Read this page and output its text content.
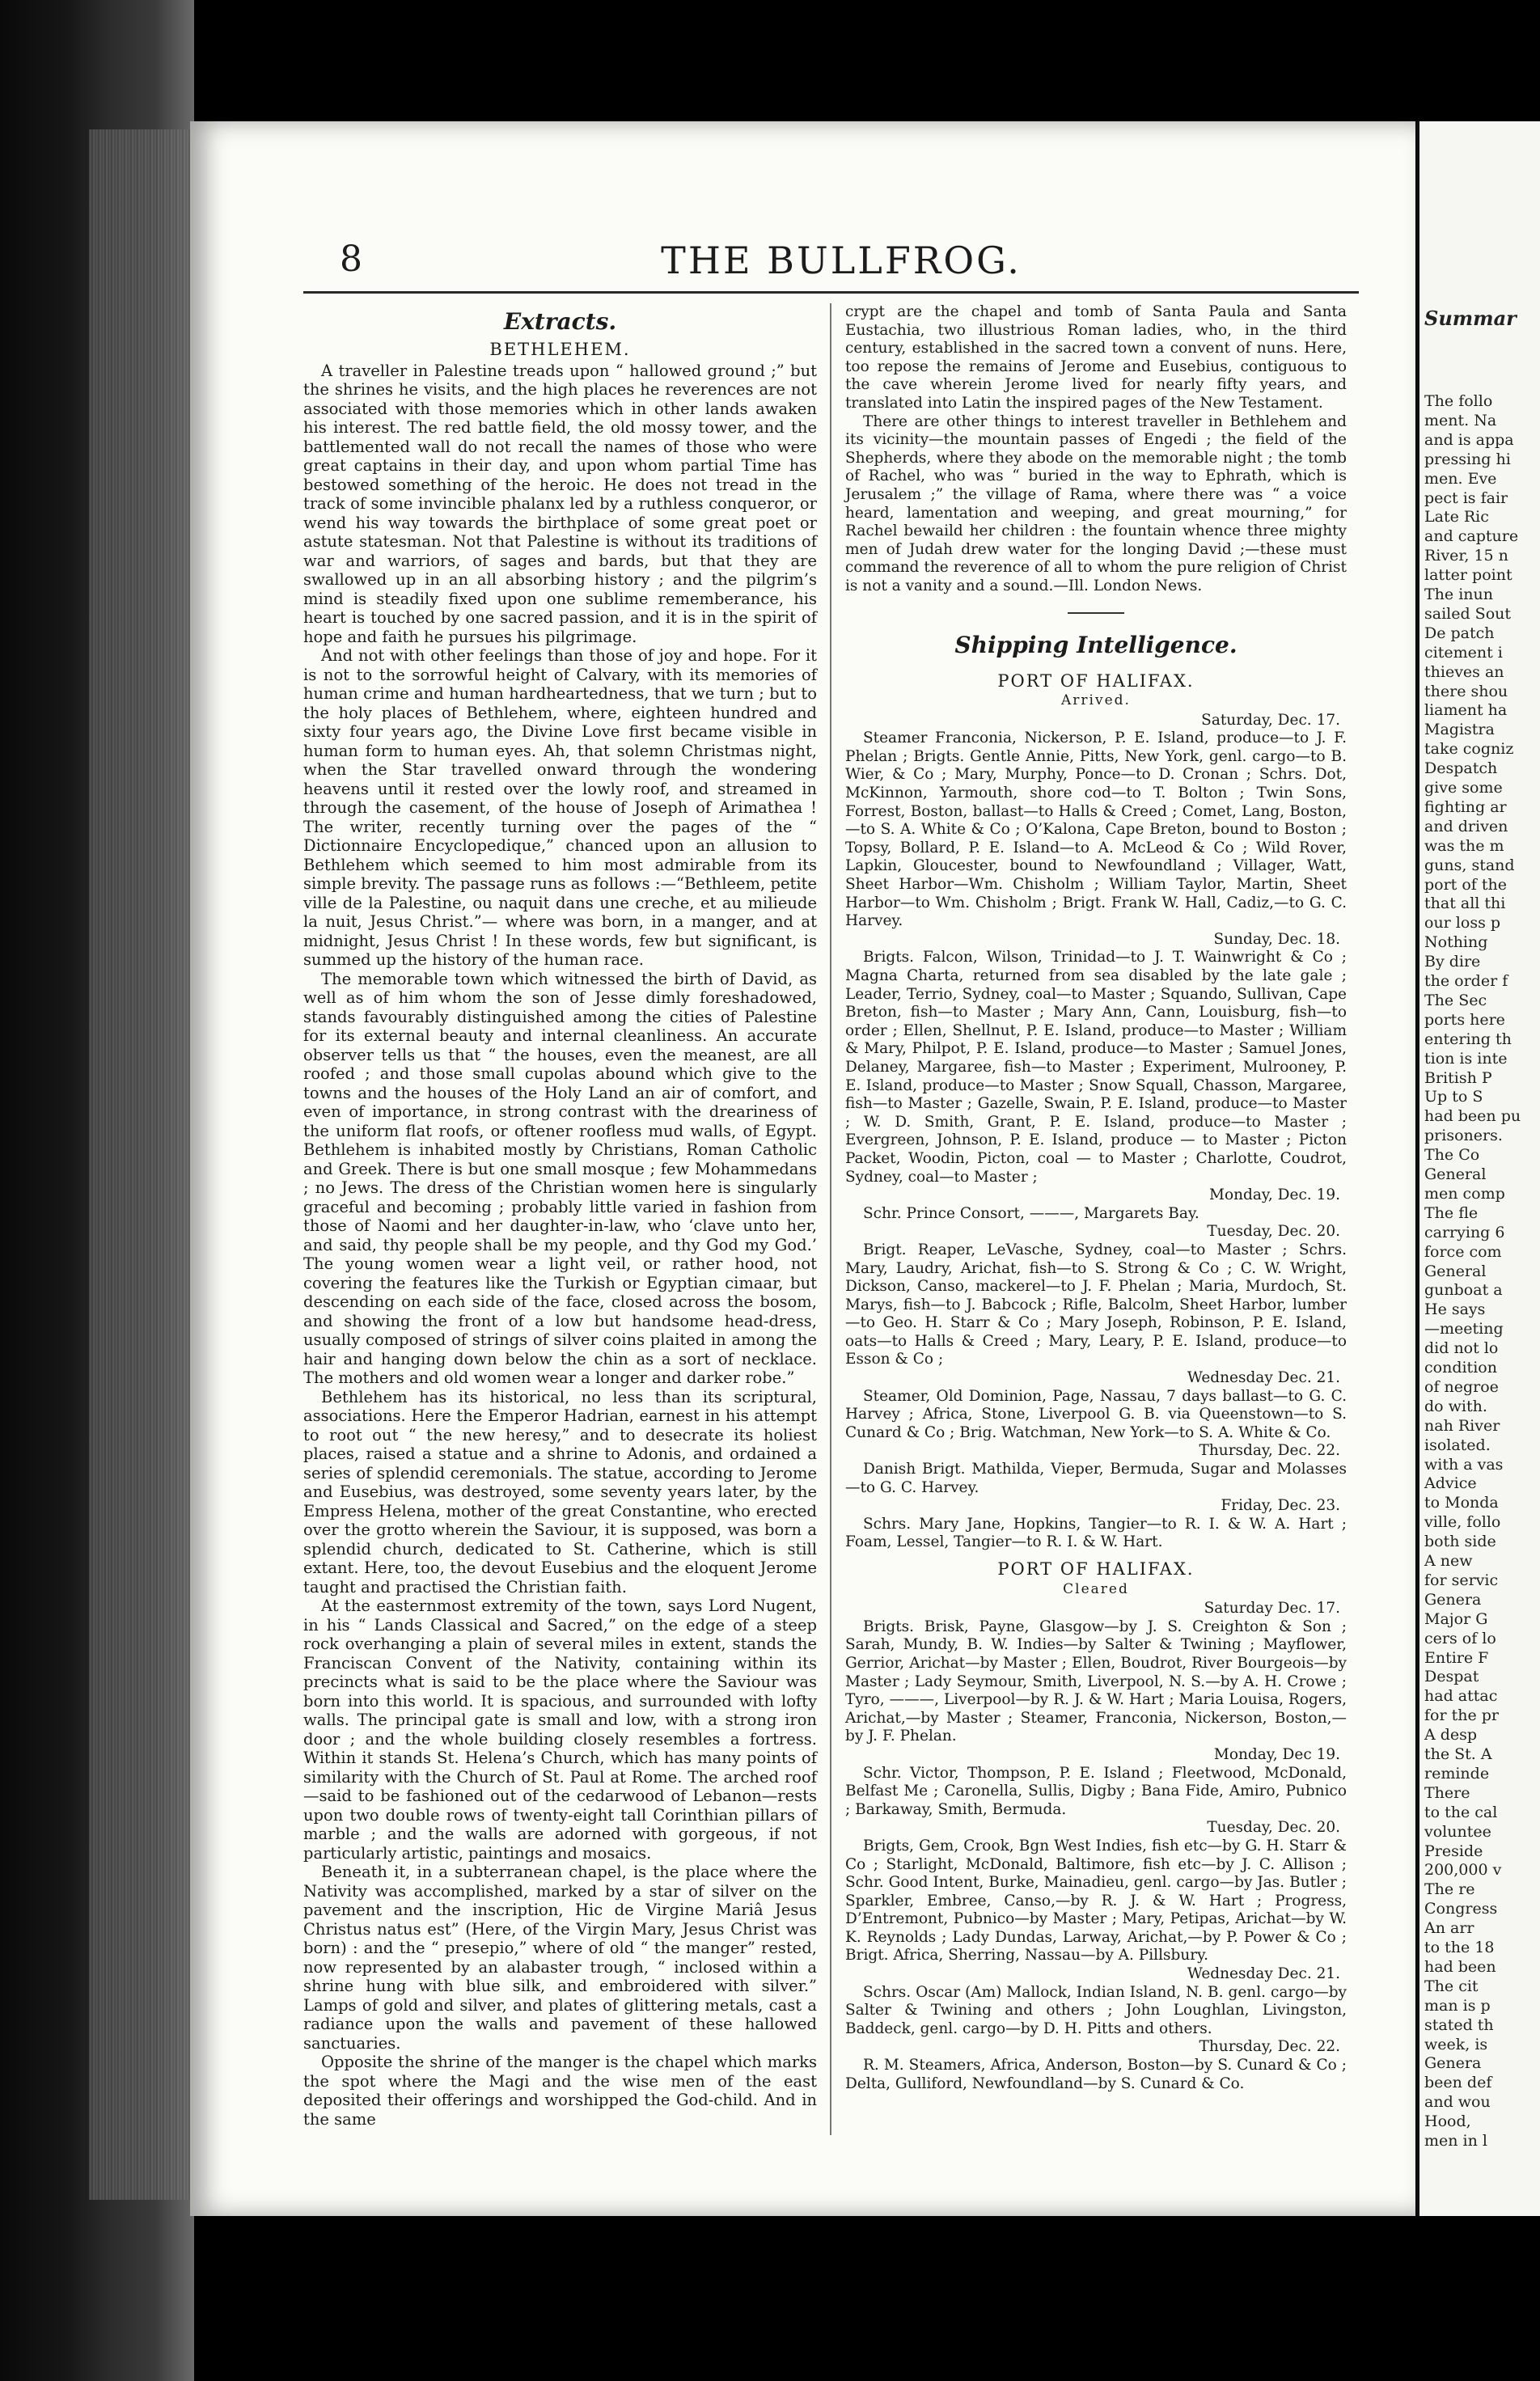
8	THE BULLFROG.
Extracts.
BETHLEHEM.

A traveller in Palestine treads upon “ hallowed ground ;” but the shrines he visits, and the high places he reverences are not associated with those memories which in other lands awaken his interest. The red battle field, the old mossy tower, and the battlemented wall do not recall the names of those who were great captains in their day, and upon whom partial Time has bestowed something of the heroic. He does not tread in the track of some invincible phalanx led by a ruthless conqueror, or wend his way towards the birthplace of some great poet or astute statesman. Not that Palestine is without its traditions of war and warriors, of sages and bards, but that they are swallowed up in an all absorbing history ; and the pilgrim’s mind is steadily fixed upon one sublime rememberance, his heart is touched by one sacred passion, and it is in the spirit of hope and faith he pursues his pilgrimage.

And not with other feelings than those of joy and hope. For it is not to the sorrowful height of Calvary, with its memories of human crime and human hardheartedness, that we turn ; but to the holy places of Bethlehem, where, eighteen hundred and sixty four years ago, the Divine Love first became visible in human form to human eyes. Ah, that solemn Christmas night, when the Star travelled onward through the wondering heavens until it rested over the lowly roof, and streamed in through the casement, of the house of Joseph of Arimathea ! The writer, recently turning over the pages of the “ Dictionnaire Encyclopedique,” chanced upon an allusion to Bethlehem which seemed to him most admirable from its simple brevity. The passage runs as follows :—“Bethleem, petite ville de la Palestine, ou naquit dans une creche, et au milieude la nuit, Jesus Christ.”— where was born, in a manger, and at midnight, Jesus Christ ! In these words, few but significant, is summed up the history of the human race.

The memorable town which witnessed the birth of David, as well as of him whom the son of Jesse dimly foreshadowed, stands favourably distinguished among the cities of Palestine for its external beauty and internal cleanliness. An accurate observer tells us that “ the houses, even the meanest, are all roofed ; and those small cupolas abound which give to the towns and the houses of the Holy Land an air of comfort, and even of importance, in strong contrast with the dreariness of the uniform flat roofs, or oftener roofless mud walls, of Egypt. Bethlehem is inhabited mostly by Christians, Roman Catholic and Greek. There is but one small mosque ; few Mohammedans ; no Jews. The dress of the Christian women here is singularly graceful and becoming ; probably little varied in fashion from those of Naomi and her daughter-in-law, who ‘clave unto her, and said, thy people shall be my people, and thy God my God.’ The young women wear a light veil, or rather hood, not covering the features like the Turkish or Egyptian cimaar, but descending on each side of the face, closed across the bosom, and showing the front of a low but handsome head-dress, usually composed of strings of silver coins plaited in among the hair and hanging down below the chin as a sort of necklace. The mothers and old women wear a longer and darker robe.”

Bethlehem has its historical, no less than its scriptural, associations. Here the Emperor Hadrian, earnest in his attempt to root out “ the new heresy,” and to desecrate its holiest places, raised a statue and a shrine to Adonis, and ordained a series of splendid ceremonials. The statue, according to Jerome and Eusebius, was destroyed, some seventy years later, by the Empress Helena, mother of the great Constantine, who erected over the grotto wherein the Saviour, it is supposed, was born a splendid church, dedicated to St. Catherine, which is still extant. Here, too, the devout Eusebius and the eloquent Jerome taught and practised the Christian faith.

At the easternmost extremity of the town, says Lord Nugent, in his “ Lands Classical and Sacred,” on the edge of a steep rock overhanging a plain of several miles in extent, stands the Franciscan Convent of the Nativity, containing within its precincts what is said to be the place where the Saviour was born into this world. It is spacious, and surrounded with lofty walls. The principal gate is small and low, with a strong iron door ; and the whole building closely resembles a fortress. Within it stands St. Helena’s Church, which has many points of similarity with the Church of St. Paul at Rome. The arched roof—said to be fashioned out of the cedarwood of Lebanon—rests upon two double rows of twenty-eight tall Corinthian pillars of marble ; and the walls are adorned with gorgeous, if not particularly artistic, paintings and mosaics.

Beneath it, in a subterranean chapel, is the place where the Nativity was accomplished, marked by a star of silver on the pavement and the inscription, Hic de Virgine Mariâ Jesus Christus natus est” (Here, of the Virgin Mary, Jesus Christ was born) : and the “ presepio,” where of old “ the manger” rested, now represented by an alabaster trough, “ inclosed within a shrine hung with blue silk, and embroidered with silver.” Lamps of gold and silver, and plates of glittering metals, cast a radiance upon the walls and pavement of these hallowed sanctuaries.

Opposite the shrine of the manger is the chapel which marks the spot where the Magi and the wise men of the east deposited their offerings and worshipped the God-child. And in the same

crypt are the chapel and tomb of Santa Paula and Santa Eustachia, two illustrious Roman ladies, who, in the third century, established in the sacred town a convent of nuns. Here, too repose the remains of Jerome and Eusebius, contiguous to the cave wherein Jerome lived for nearly fifty years, and translated into Latin the inspired pages of the New Testament.

There are other things to interest traveller in Bethlehem and its vicinity—the mountain passes of Engedi ; the field of the Shepherds, where they abode on the memorable night ; the tomb of Rachel, who was “ buried in the way to Ephrath, which is Jerusalem ;” the village of Rama, where there was “ a voice heard, lamentation and weeping, and great mourning,” for Rachel bewaild her children : the fountain whence three mighty men of Judah drew water for the longing David ;—these must command the reverence of all to whom the pure religion of Christ is not a vanity and a sound.—Ill. London News.

Shipping Intelligence.
PORT OF HALIFAX.
Arrived.
Saturday, Dec. 17.

Steamer Franconia, Nickerson, P. E. Island, produce—to J. F. Phelan ; Brigts. Gentle Annie, Pitts, New York, genl. cargo—to B. Wier, & Co ; Mary, Murphy, Ponce—to D. Cronan ; Schrs. Dot, McKinnon, Yarmouth, shore cod—to T. Bolton ; Twin Sons, Forrest, Boston, ballast—to Halls & Creed ; Comet, Lang, Boston,—to S. A. White & Co ; O’Kalona, Cape Breton, bound to Boston ; Topsy, Bollard, P. E. Island—to A. McLeod & Co ; Wild Rover, Lapkin, Gloucester, bound to Newfoundland ; Villager, Watt, Sheet Harbor—Wm. Chisholm ; William Taylor, Martin, Sheet Harbor—to Wm. Chisholm ; Brigt. Frank W. Hall, Cadiz,—to G. C. Harvey.

Sunday, Dec. 18.

Brigts. Falcon, Wilson, Trinidad—to J. T. Wainwright & Co ; Magna Charta, returned from sea disabled by the late gale ; Leader, Terrio, Sydney, coal—to Master ; Squando, Sullivan, Cape Breton, fish—to Master ; Mary Ann, Cann, Louisburg, fish—to order ; Ellen, Shellnut, P. E. Island, produce—to Master ; William & Mary, Philpot, P. E. Island, produce—to Master ; Samuel Jones, Delaney, Margaree, fish—to Master ; Experiment, Mulrooney, P. E. Island, produce—to Master ; Snow Squall, Chasson, Margaree, fish—to Master ; Gazelle, Swain, P. E. Island, produce—to Master ; W. D. Smith, Grant, P. E. Island, produce—to Master ; Evergreen, Johnson, P. E. Island, produce — to Master ; Picton Packet, Woodin, Picton, coal — to Master ; Charlotte, Coudrot, Sydney, coal—to Master ;

Monday, Dec. 19.

Schr. Prince Consort, ———, Margarets Bay.

Tuesday, Dec. 20.

Brigt. Reaper, LeVasche, Sydney, coal—to Master ; Schrs. Mary, Laudry, Arichat, fish—to S. Strong & Co ; C. W. Wright, Dickson, Canso, mackerel—to J. F. Phelan ; Maria, Murdoch, St. Marys, fish—to J. Babcock ; Rifle, Balcolm, Sheet Harbor, lumber—to Geo. H. Starr & Co ; Mary Joseph, Robinson, P. E. Island, oats—to Halls & Creed ; Mary, Leary, P. E. Island, produce—to Esson & Co ;

Wednesday Dec. 21.

Steamer, Old Dominion, Page, Nassau, 7 days ballast—to G. C. Harvey ; Africa, Stone, Liverpool G. B. via Queenstown—to S. Cunard & Co ; Brig. Watchman, New York—to S. A. White & Co.

Thursday, Dec. 22.

Danish Brigt. Mathilda, Vieper, Bermuda, Sugar and Molasses—to G. C. Harvey.

Friday, Dec. 23.

Schrs. Mary Jane, Hopkins, Tangier—to R. I. & W. A. Hart ; Foam, Lessel, Tangier—to R. I. & W. Hart.

PORT OF HALIFAX.
Cleared
Saturday Dec. 17.

Brigts. Brisk, Payne, Glasgow—by J. S. Creighton & Son ; Sarah, Mundy, B. W. Indies—by Salter & Twining ; Mayflower, Gerrior, Arichat—by Master ; Ellen, Boudrot, River Bourgeois—by Master ; Lady Seymour, Smith, Liverpool, N. S.—by A. H. Crowe ; Tyro, ———, Liverpool—by R. J. & W. Hart ; Maria Louisa, Rogers, Arichat,—by Master ; Steamer, Franconia, Nickerson, Boston,—by J. F. Phelan.

Monday, Dec 19.

Schr. Victor, Thompson, P. E. Island ; Fleetwood, McDonald, Belfast Me ; Caronella, Sullis, Digby ; Bana Fide, Amiro, Pubnico ; Barkaway, Smith, Bermuda.

Tuesday, Dec. 20.

Brigts, Gem, Crook, Bgn West Indies, fish etc—by G. H. Starr & Co ; Starlight, McDonald, Baltimore, fish etc—by J. C. Allison ; Schr. Good Intent, Burke, Mainadieu, genl. cargo—by Jas. Butler ; Sparkler, Embree, Canso,—by R. J. & W. Hart ; Progress, D’Entremont, Pubnico—by Master ; Mary, Petipas, Arichat—by W. K. Reynolds ; Lady Dundas, Larway, Arichat,—by P. Power & Co ; Brigt. Africa, Sherring, Nassau—by A. Pillsbury.

Wednesday Dec. 21.

Schrs. Oscar (Am) Mallock, Indian Island, N. B. genl. cargo—by Salter & Twining and others ; John Loughlan, Livingston, Baddeck, genl. cargo—by D. H. Pitts and others.

Thursday, Dec. 22.

R. M. Steamers, Africa, Anderson, Boston—by S. Cunard & Co ; Delta, Gulliford, Newfoundland—by S. Cunard & Co.

Summar
The follo
ment. Na
and is appa
pressing hi
men. Eve
pect is fair
Late Ric
and capture
River, 15 n
latter point
The inun
sailed Sout
De patch
citement i
thieves an
there shou
liament ha
Magistra
take cogniz
Despatch
give some
fighting ar
and driven
was the m
guns, stand
port of the
that all thi
our loss p
Nothing
By dire
the order f
The Sec
ports here
entering th
tion is inte
British P
Up to S
had been pu
prisoners.
The Co
General
men comp
The fle
carrying 6
force com
General
gunboat a
He says
—meeting
did not lo
condition
of negroe
do with.
nah River
isolated.
with a vas
Advice
to Monda
ville, follo
both side
A new
for servic
Genera
Major G
cers of lo
Entire F
Despat
had attac
for the pr
A desp
the St. A
reminde
There
to the cal
voluntee
Preside
200,000 v
The re
Congress
An arr
to the 18
had been
The cit
man is p
stated th
week, is
Genera
been def
and wou
Hood,
men in l
